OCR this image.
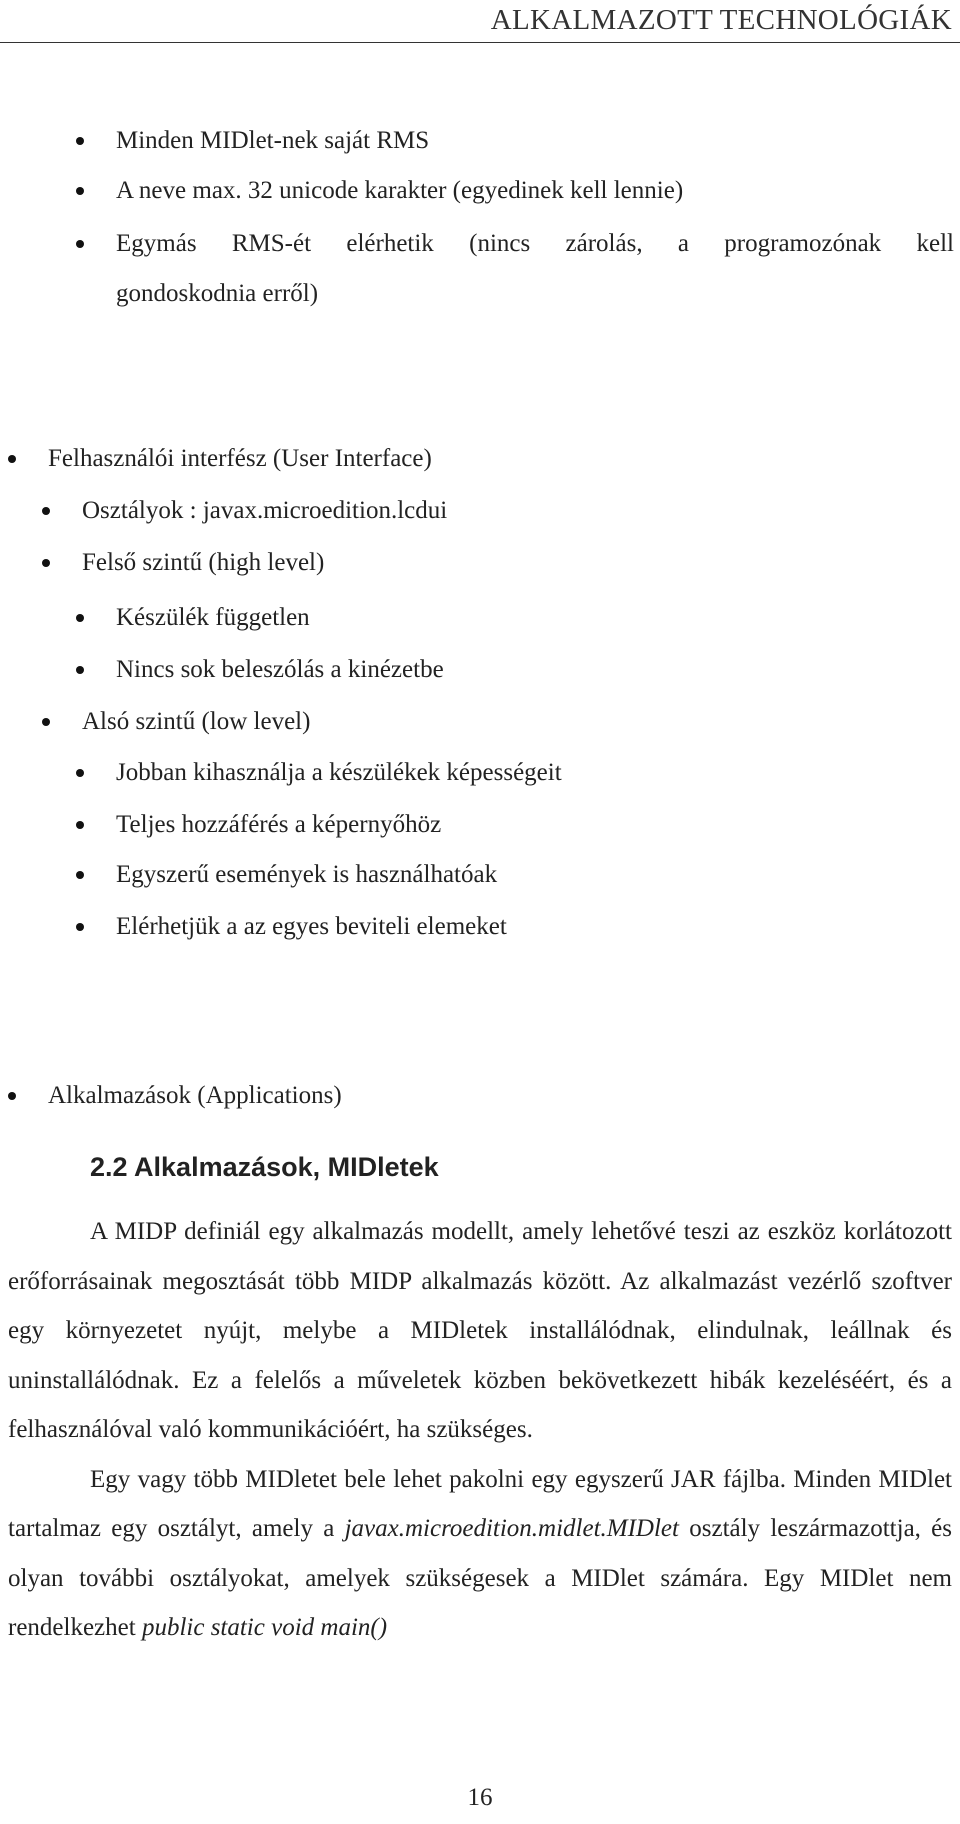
ALKALMAZOTT TECHNOLÓGIÁK
Minden MIDlet-nek saját RMS
A neve max. 32 unicode karakter (egyedinek kell lennie)
Egymás RMS-ét elérhetik (nincs zárolás, a programozónak kell
gondoskodnia erről)
Felhasználói interfész (User Interface)
Osztályok : javax.microedition.lcdui
Felső szintű (high level)
Készülék független
Nincs sok beleszólás a kinézetbe
Alsó szintű (low level)
Jobban kihasználja a készülékek képességeit
Teljes hozzáférés a képernyőhöz
Egyszerű események is használhatóak
Elérhetjük a az egyes beviteli elemeket
Alkalmazások (Applications)
2.2 Alkalmazások, MIDletek

A MIDP definiál egy alkalmazás modellt, amely lehetővé teszi az eszköz korlátozott erőforrásainak megosztását több MIDP alkalmazás között. Az alkalmazást vezérlő szoftver egy környezetet nyújt, melybe a MIDletek installálódnak, elindulnak, leállnak és uninstallálódnak. Ez a felelős a műveletek közben bekövetkezett hibák kezeléséért, és a felhasználóval való kommunikációért, ha szükséges.

Egy vagy több MIDletet bele lehet pakolni egy egyszerű JAR fájlba. Minden MIDlet tartalmaz egy osztályt, amely a javax.microedition.midlet.MIDlet osztály leszármazottja, és olyan további osztályokat, amelyek szükségesek a MIDlet számára. Egy MIDlet nem rendelkezhet public static void main()

16
